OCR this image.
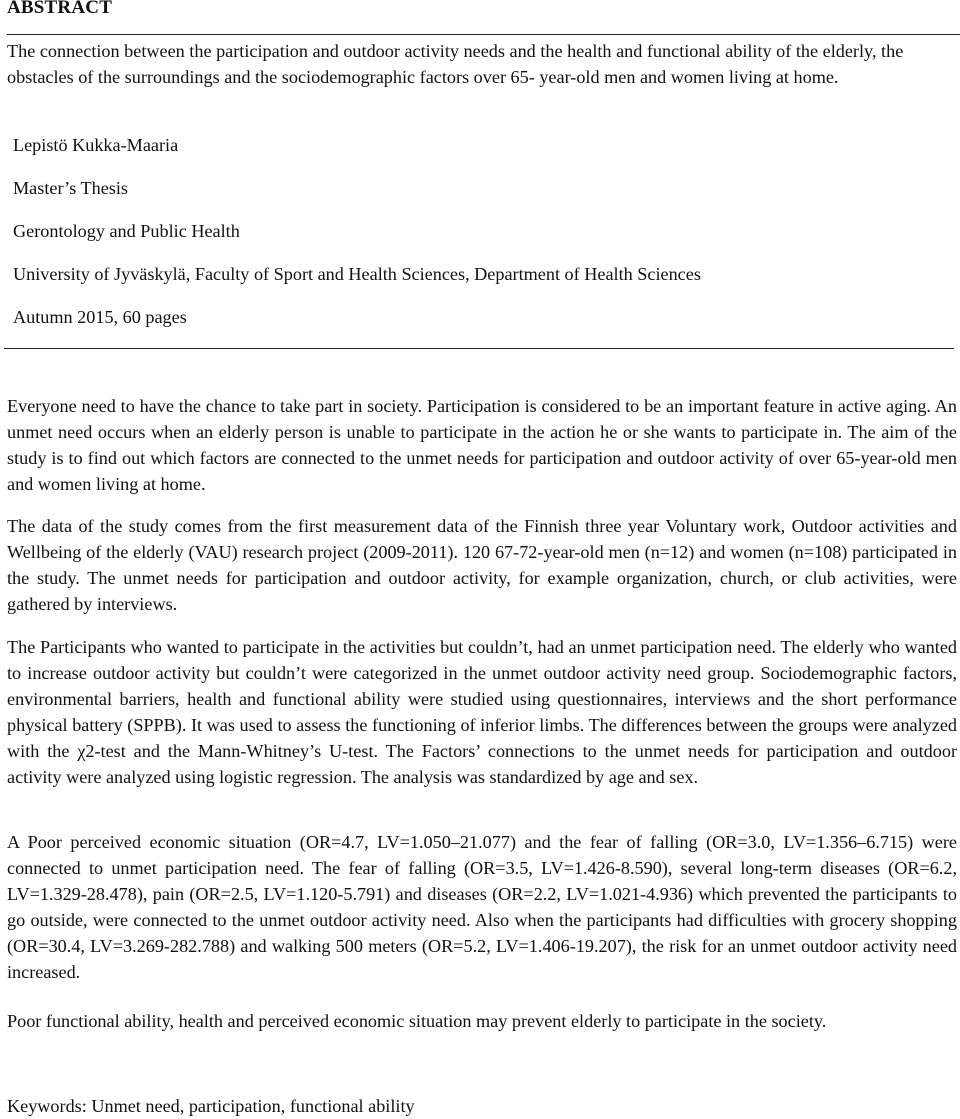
ABSTRACT

The connection between the participation and outdoor activity needs and the health and functional ability of the elderly, the obstacles of the surroundings and the sociodemographic factors over 65- year-old men and women living at home.

Lepistö Kukka-Maaria

Master’s Thesis

Gerontology and Public Health

University of Jyväskylä, Faculty of Sport and Health Sciences, Department of Health Sciences

Autumn 2015, 60 pages

Everyone need to have the chance to take part in society. Participation is considered to be an important feature in active aging. An unmet need occurs when an elderly person is unable to participate in the action he or she wants to participate in. The aim of the study is to find out which factors are connected to the unmet needs for participation and outdoor activity of over 65-year-old men and women living at home.

The data of the study comes from the first measurement data of the Finnish three year Voluntary work, Outdoor activities and Wellbeing of the elderly (VAU) research project (2009-2011). 120 67-72-year-old men (n=12) and women (n=108) participated in the study. The unmet needs for participation and outdoor activity, for example organization, church, or club activities, were gathered by interviews.

The Participants who wanted to participate in the activities but couldn’t, had an unmet participation need. The elderly who wanted to increase outdoor activity but couldn’t were categorized in the unmet outdoor activity need group. Sociodemographic factors, environmental barriers, health and functional ability were studied using questionnaires, interviews and the short performance physical battery (SPPB). It was used to assess the functioning of inferior limbs. The differences between the groups were analyzed with the χ2-test and the Mann-Whitney’s U-test. The Factors’ connections to the unmet needs for participation and outdoor activity were analyzed using logistic regression. The analysis was standardized by age and sex.

A Poor perceived economic situation (OR=4.7, LV=1.050–21.077) and the fear of falling (OR=3.0, LV=1.356–6.715) were connected to unmet participation need. The fear of falling (OR=3.5, LV=1.426-8.590), several long-term diseases (OR=6.2, LV=1.329-28.478), pain (OR=2.5, LV=1.120-5.791) and diseases (OR=2.2, LV=1.021-4.936) which prevented the participants to go outside, were connected to the unmet outdoor activity need. Also when the participants had difficulties with grocery shopping (OR=30.4, LV=3.269-282.788) and walking 500 meters (OR=5.2, LV=1.406-19.207), the risk for an unmet outdoor activity need increased.

Poor functional ability, health and perceived economic situation may prevent elderly to participate in the society.

Keywords: Unmet need, participation, functional ability
